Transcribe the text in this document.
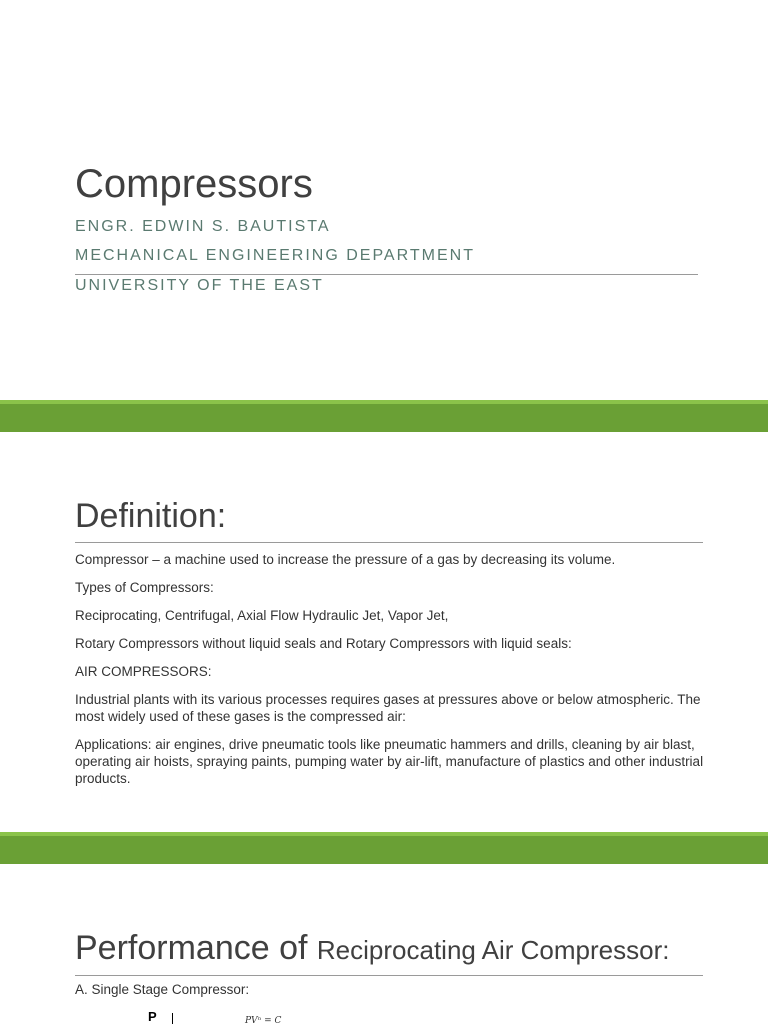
Compressors
ENGR. EDWIN S. BAUTISTA
MECHANICAL ENGINEERING DEPARTMENT
UNIVERSITY OF THE EAST
Definition:

Compressor – a machine used to increase the pressure of a gas by decreasing its volume.

Types of Compressors:

Reciprocating, Centrifugal, Axial Flow Hydraulic Jet, Vapor Jet,

Rotary Compressors without liquid seals and Rotary Compressors with liquid seals:

AIR COMPRESSORS:

Industrial plants with its various processes requires gases at pressures above or below atmospheric. The most widely used of these gases is the compressed air:

Applications: air engines, drive pneumatic tools like pneumatic hammers and drills, cleaning by air blast, operating air hoists, spraying paints, pumping water by air-lift, manufacture of plastics and other industrial products.

Performance of Reciprocating Air Compressor:
A. Single Stage Compressor:
P	PVⁿ = C
